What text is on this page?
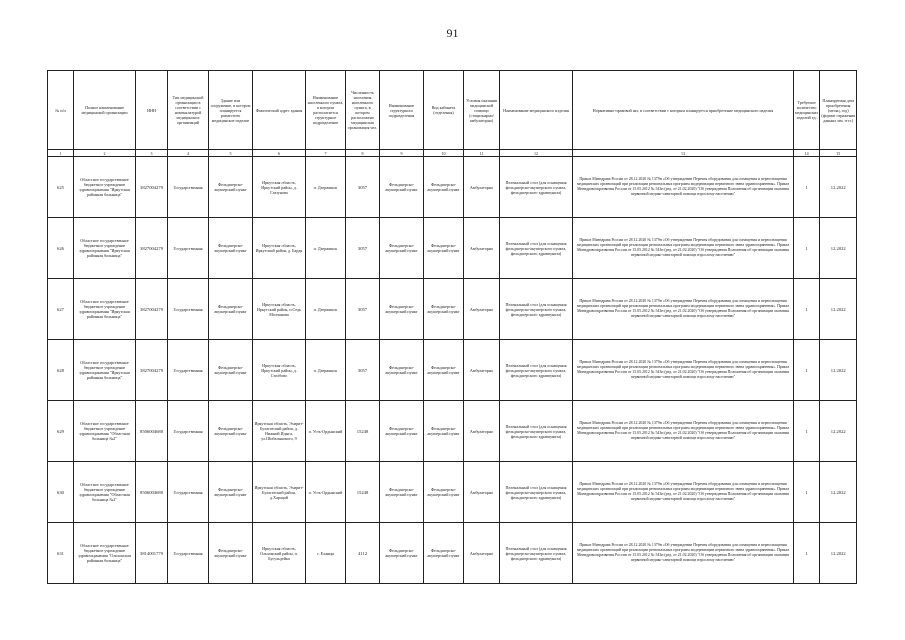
91
№ п/п	Полное наименование медицинской организации	ИНН	Тип медицинской организации в соответствии с номенклатурой медицинских организаций	Здание или сооружение, в котором планируется разместить медицинское изделие	Фактический адрес здания	Наименование населенного пункта, в котором располагается структурное подразделение	Численность населения населенного пункта, в котором расположено медицинская организация чел.	Наименование структурного подразделения	Вид кабинета (отделения)	Условия оказания медицинской помощи (стационарно/амбулаторно)	Наименование медицинского изделия	Нормативно-правовой акт, в соответствии с которым планируется приобретение медицинского изделия	Требуемое количество медицинских изделий ед.	Планируемая дата приобретения (месяц, год) (формат отражения данных мм. гггг.)
1	2	3	4	5	6	7	8	9	10	11	12	13	14	15
625	Областное государственное бюджетное учреждение здравоохранения "Иркутская районная больница"	3827004279	Государственная	Фельдшерско-акушерский пункт	Иркутская область, Иркутский район, д. Глазунова	п. Дзержинск	3057	Фельдшерско-акушерский пункт	Фельдшерско-акушерский пункт	Амбулаторно	Пеленальный стол (для оснащения фельдшерско-акушерского пункта, фельдшерского здравпункта)	Приказ Минздрава России от 28.12.2020 № 1379н «Об утверждении Перечня оборудования для оснащения и переоснащения медицинских организаций при реализации региональных программ модернизации первичного звена здравоохранения». Приказ Минздравсоцразвития России от 15.05.2012 № 543н (ред. от 21.02.2020) "Об утверждении Положения об организации оказания первичной медико-санитарной помощи взрослому населению"	1	12.2022
626	Областное государственное бюджетное учреждение здравоохранения "Иркутская районная больница"	3827004279	Государственная	Фельдшерско-акушерский пункт	Иркутская область, Иркутский район, д. Бардя	п. Дзержинск	3057	Фельдшерско-акушерский пункт	Фельдшерско-акушерский пункт	Амбулаторно	Пеленальный стол (для оснащения фельдшерско-акушерского пункта, фельдшерского здравпункта)	Приказ Минздрава России от 28.12.2020 № 1379н «Об утверждении Перечня оборудования для оснащения и переоснащения медицинских организаций при реализации региональных программ модернизации первичного звена здравоохранения». Приказ Минздравсоцразвития России от 15.05.2012 № 543н (ред. от 21.02.2020) "Об утверждении Положения об организации оказания первичной медико-санитарной помощи взрослому населению"	1	12.2022
627	Областное государственное бюджетное учреждение здравоохранения "Иркутская районная больница"	3827004279	Государственная	Фельдшерско-акушерский пункт	Иркутская область, Иркутский район, п.Седь Молчанова	п. Дзержинск	3057	Фельдшерско-акушерский пункт	Фельдшерско-акушерский пункт	Амбулаторно	Пеленальный стол (для оснащения фельдшерско-акушерского пункта, фельдшерского здравпункта)	Приказ Минздрава России от 28.12.2020 № 1379н «Об утверждении Перечня оборудования для оснащения и переоснащения медицинских организаций при реализации региональных программ модернизации первичного звена здравоохранения». Приказ Минздравсоцразвития России от 15.05.2012 № 543н (ред. от 21.02.2020) "Об утверждении Положения об организации оказания первичной медико-санитарной помощи взрослому населению"	1	12.2022
628	Областное государственное бюджетное учреждение здравоохранения "Иркутская районная больница"	3827004279	Государственная	Фельдшерско-акушерский пункт	Иркутская область, Иркутский район, д. Столбово	п. Дзержинск	3057	Фельдшерско-акушерский пункт	Фельдшерско-акушерский пункт	Амбулаторно	Пеленальный стол (для оснащения фельдшерско-акушерского пункта, фельдшерского здравпункта)	Приказ Минздрава России от 28.12.2020 № 1379н «Об утверждении Перечня оборудования для оснащения и переоснащения медицинских организаций при реализации региональных программ модернизации первичного звена здравоохранения». Приказ Минздравсоцразвития России от 15.05.2012 № 543н (ред. от 21.02.2020) "Об утверждении Положения об организации оказания первичной медико-санитарной помощи взрослому населению"	1	12.2022
629	Областное государственное бюджетное учреждение здравоохранения "Областная больница №2"	8506004680	Государственная	Фельдшерско-акушерский пункт	Иркутская область, Эхирит-Булагатский район, д. Нижний Идыга, ул.Шибалыкового, 9	п. Усть-Ордынский	15248	Фельдшерско-акушерский пункт	Фельдшерско-акушерский пункт	Амбулаторно	Пеленальный стол (для оснащения фельдшерско-акушерского пункта, фельдшерского здравпункта)	Приказ Минздрава России от 28.12.2020 № 1379н «Об утверждении Перечня оборудования для оснащения и переоснащения медицинских организаций при реализации региональных программ модернизации первичного звена здравоохранения». Приказ Минздравсоцразвития России от 15.05.2012 № 543н (ред. от 21.02.2020) "Об утверждении Положения об организации оказания первичной медико-санитарной помощи взрослому населению"	1	12.2022
630	Областное государственное бюджетное учреждение здравоохранения "Областная больница №2"	8506004680	Государственная	Фельдшерско-акушерский пункт	Иркутская область, Эхирит-Булагатский район, д.Харацай	п. Усть-Ордынский	15248	Фельдшерско-акушерский пункт	Фельдшерско-акушерский пункт	Амбулаторно	Пеленальный стол (для оснащения фельдшерско-акушерского пункта, фельдшерского здравпункта)	Приказ Минздрава России от 28.12.2020 № 1379н «Об утверждении Перечня оборудования для оснащения и переоснащения медицинских организаций при реализации региональных программ модернизации первичного звена здравоохранения». Приказ Минздравсоцразвития России от 15.05.2012 № 543н (ред. от 21.02.2020) "Об утверждении Положения об организации оказания первичной медико-санитарной помощи взрослому населению"	1	12.2022
631	Областное государственное бюджетное учреждение здравоохранения "Ольхонская районная больница"	3814001779	Государственная	Фельдшерско-акушерский пункт	Иркутская область, Ольхонский район, п. Бугульдейка	с. Еланцы	4112	Фельдшерско-акушерский пункт	Фельдшерско-акушерский пункт	Амбулаторно	Пеленальный стол (для оснащения фельдшерско-акушерского пункта, фельдшерского здравпункта)	Приказ Минздрава России от 28.12.2020 № 1379н «Об утверждении Перечня оборудования для оснащения и переоснащения медицинских организаций при реализации региональных программ модернизации первичного звена здравоохранения». Приказ Минздравсоцразвития России от 15.05.2012 № 543н (ред. от 21.02.2020) "Об утверждении Положения об организации оказания первичной медико-санитарной помощи взрослому населению"	1	12.2022
